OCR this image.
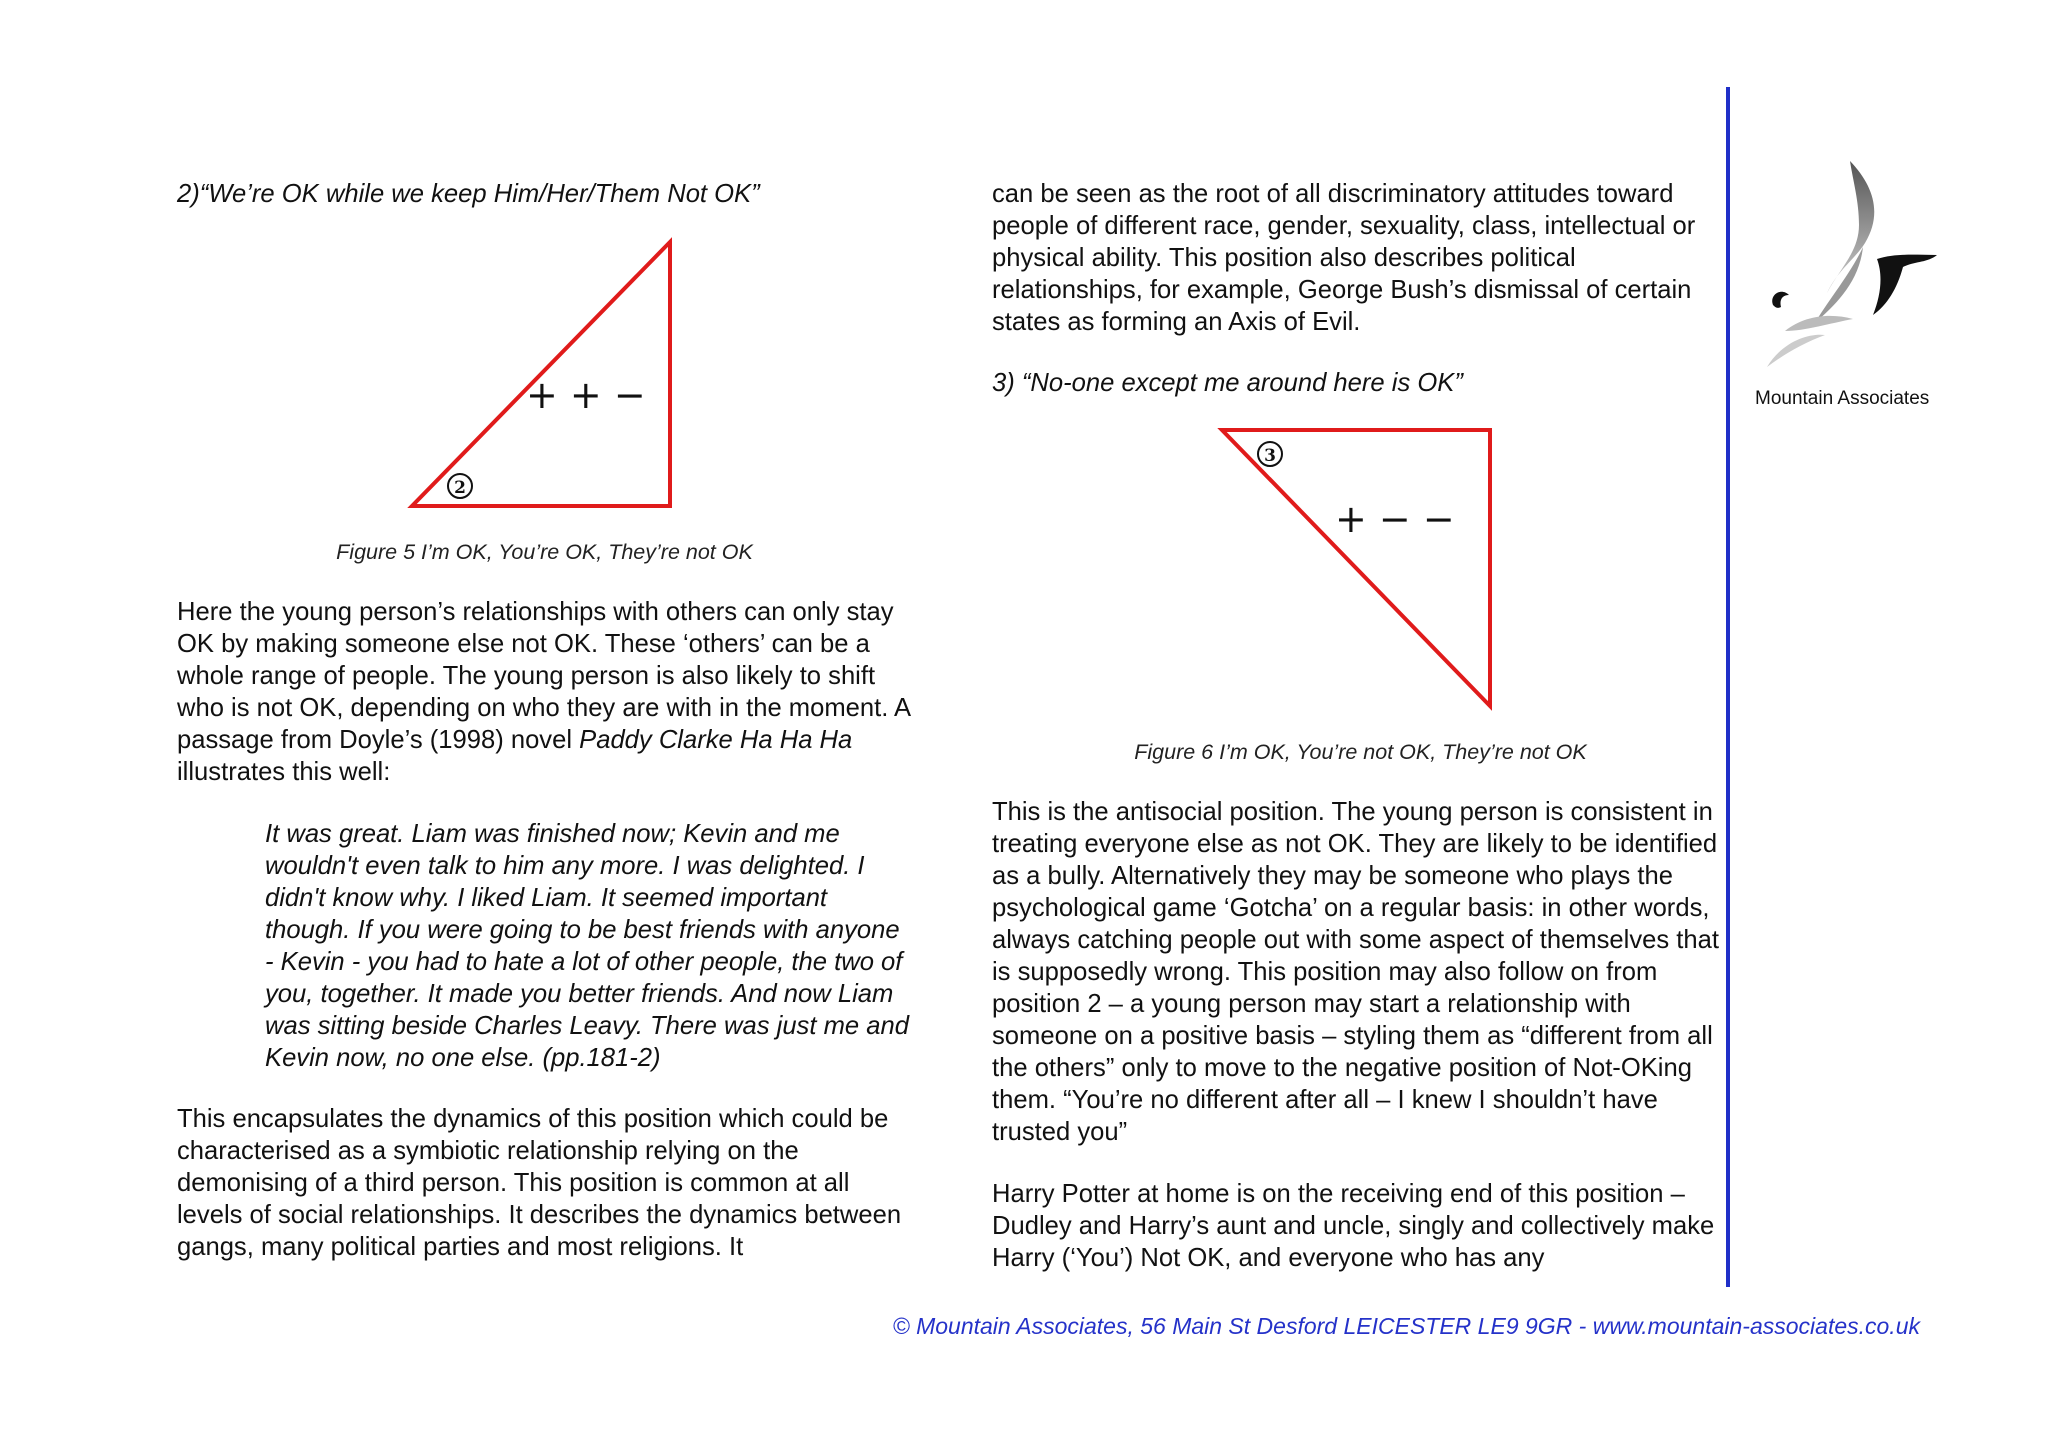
2)“We’re OK while we keep Him/Her/Them Not OK”

+ + −
2
Figure 5 I’m OK, You’re OK, They’re not OK

Here the young person’s relationships with others can only stay OK by making someone else not OK. These ‘others’ can be a whole range of people. The young person is also likely to shift who is not OK, depending on who they are with in the moment. A passage from Doyle’s (1998) novel Paddy Clarke Ha Ha Ha illustrates this well:

It was great. Liam was finished now; Kevin and me wouldn't even talk to him any more. I was delighted. I didn't know why. I liked Liam. It seemed important though. If you were going to be best friends with anyone - Kevin - you had to hate a lot of other people, the two of you, together. It made you better friends. And now Liam was sitting beside Charles Leavy. There was just me and Kevin now, no one else. (pp.181-2)

This encapsulates the dynamics of this position which could be characterised as a symbiotic relationship relying on the demonising of a third person. This position is common at all levels of social relationships. It describes the dynamics between gangs, many political parties and most religions. It

can be seen as the root of all discriminatory attitudes toward people of different race, gender, sexuality, class, intellectual or physical ability. This position also describes political relationships, for example, George Bush’s dismissal of certain states as forming an Axis of Evil.

3) “No-one except me around here is OK”

+ − −
3
Figure 6 I’m OK, You’re not OK, They’re not OK

This is the antisocial position. The young person is consistent in treating everyone else as not OK. They are likely to be identified as a bully. Alternatively they may be someone who plays the psychological game ‘Gotcha’ on a regular basis: in other words, always catching people out with some aspect of themselves that is supposedly wrong. This position may also follow on from position 2 – a young person may start a relationship with someone on a positive basis – styling them as “different from all the others” only to move to the negative position of Not-OKing them. “You’re no different after all – I knew I shouldn’t have trusted you”

Harry Potter at home is on the receiving end of this position – Dudley and Harry’s aunt and uncle, singly and collectively make Harry (‘You’) Not OK, and everyone who has any

Mountain Associates
© Mountain Associates, 56 Main St Desford LEICESTER LE9 9GR - www.mountain-associates.co.uk
